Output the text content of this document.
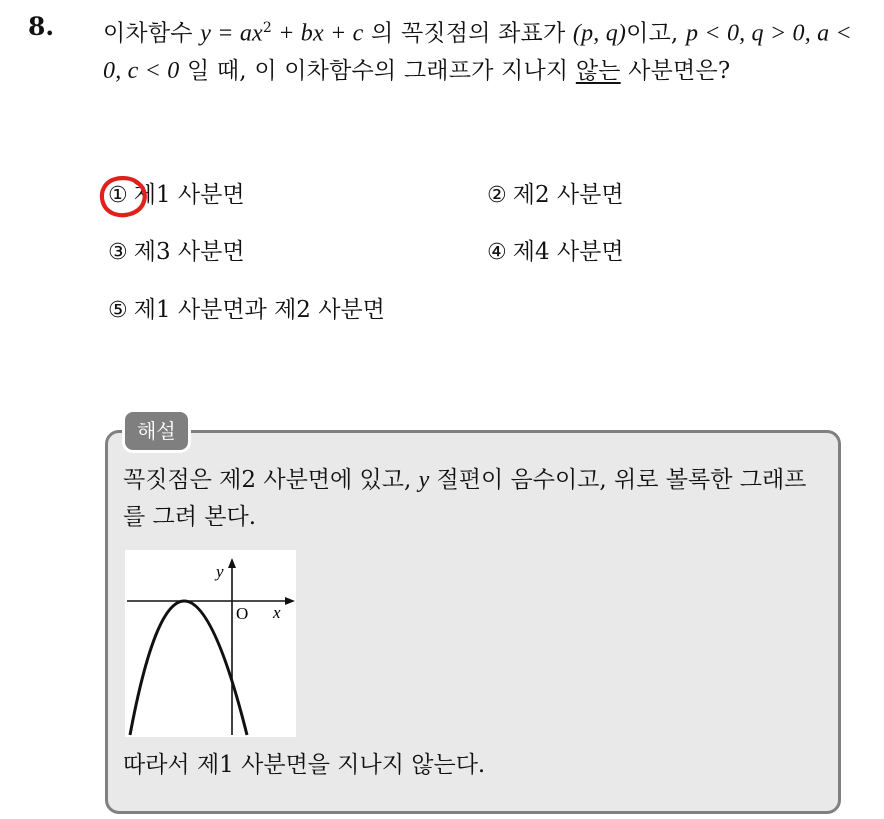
8. 이차함수 $y = ax^2$ + bx + c 의 꼭짓점의 좌표가 (p, q)이고, p < 0, q > 0, a < 0, c < 0 일 때, 이 이차함수의 그래프가 지나지 않는 사분면은?
① 제1 사분면	② 제2 사분면
③ 제3 사분면	④ 제4 사분면
⑤ 제1 사분면과 제2 사분면
해설
꼭짓점은 제2 사분면에 있고, y 절편이 음수이고, 위로 볼록한 그래프를 그려 본다.
y
x
O
따라서 제1 사분면을 지나지 않는다.
